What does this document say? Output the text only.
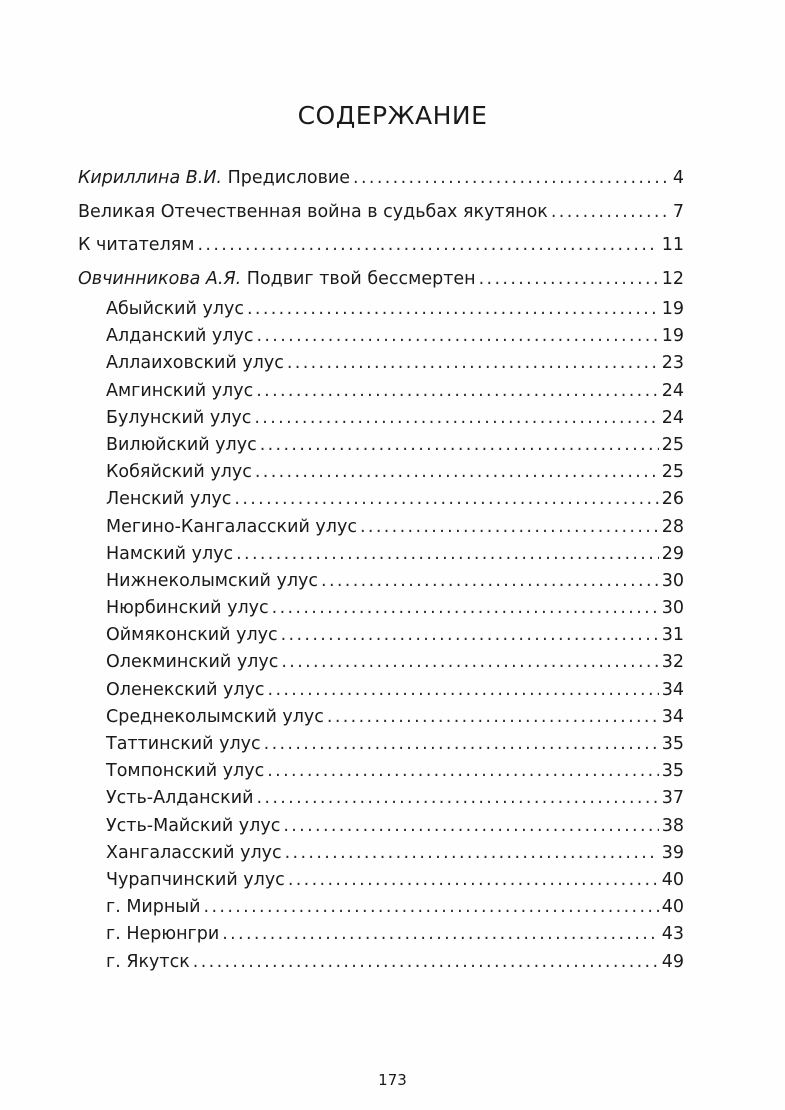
СОДЕРЖАНИЕ
Кириллина В.И. Предисловие . . .	4
Великая Отечественная война в судьбах якутянок . . .	7
К читателям . . .	11
Овчинникова А.Я. Подвиг твой бессмертен . . .	12
Абыйский улус . . .	19
Алданский улус . . .	19
Аллаиховский улус . . .	23
Амгинский улус . . .	24
Булунский улус . . .	24
Вилюйский улус . . .	25
Кобяйский улус . . .	25
Ленский улус . . .	26
Мегино-Кангаласский улус . . .	28
Намский улус . . .	29
Нижнеколымский улус . . .	30
Нюрбинский улус . . .	30
Оймяконский улус . . .	31
Олекминский улус . . .	32
Оленекский улус . . .	34
Среднеколымский улус . . .	34
Таттинский улус . . .	35
Томпонский улус . . .	35
Усть-Алданский . . .	37
Усть-Майский улус . . .	38
Хангаласский улус . . .	39
Чурапчинский улус . . .	40
г. Мирный . . .	40
г. Нерюнгри . . .	43
г. Якутск . . .	49
173
